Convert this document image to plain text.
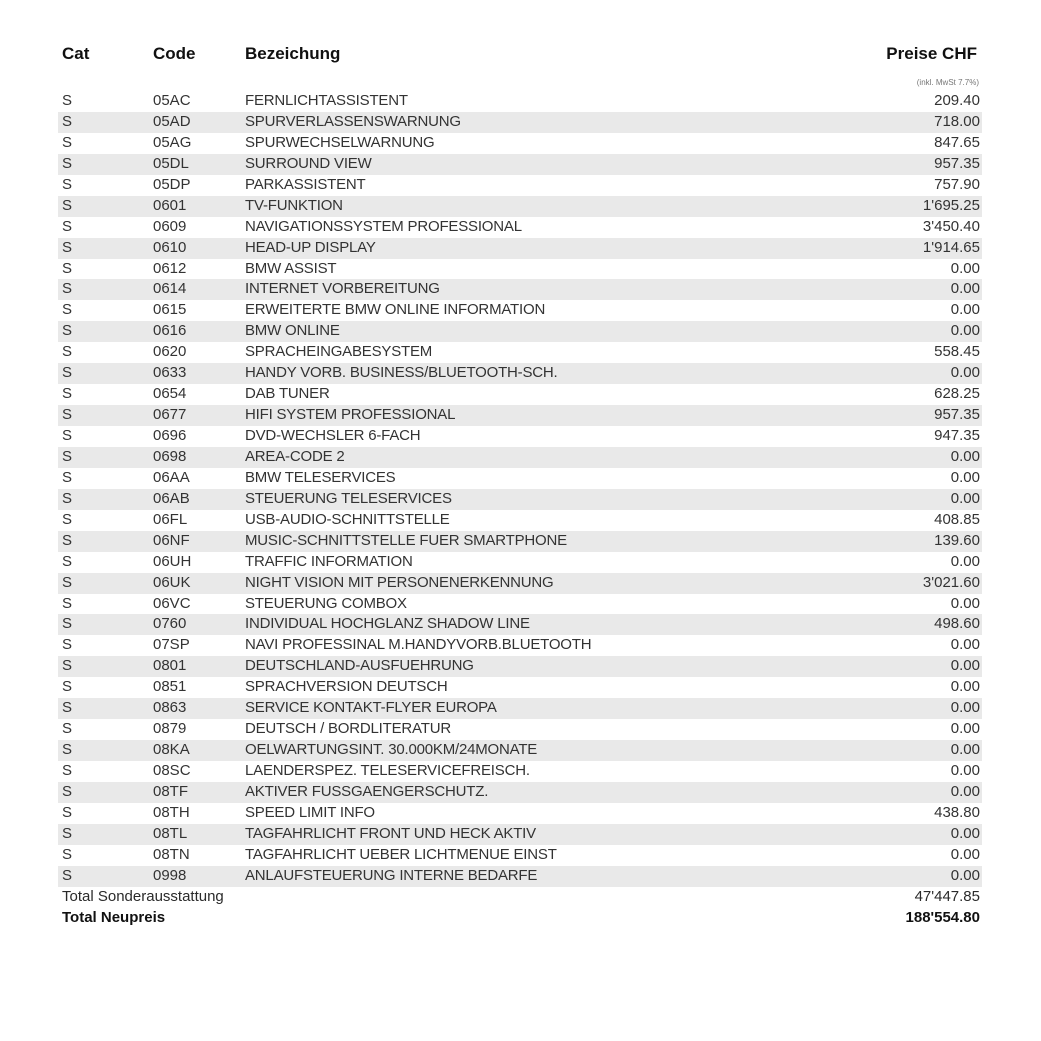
Cat	Code	Bezeichung	Preise CHF
(inkl. MwSt 7.7%)
S	05AC	FERNLICHTASSISTENT	209.40
S	05AD	SPURVERLASSENSWARNUNG	718.00
S	05AG	SPURWECHSELWARNUNG	847.65
S	05DL	SURROUND VIEW	957.35
S	05DP	PARKASSISTENT	757.90
S	0601	TV-FUNKTION	1'695.25
S	0609	NAVIGATIONSSYSTEM PROFESSIONAL	3'450.40
S	0610	HEAD-UP DISPLAY	1'914.65
S	0612	BMW ASSIST	0.00
S	0614	INTERNET VORBEREITUNG	0.00
S	0615	ERWEITERTE BMW ONLINE INFORMATION	0.00
S	0616	BMW ONLINE	0.00
S	0620	SPRACHEINGABESYSTEM	558.45
S	0633	HANDY VORB. BUSINESS/BLUETOOTH-SCH.	0.00
S	0654	DAB TUNER	628.25
S	0677	HIFI SYSTEM PROFESSIONAL	957.35
S	0696	DVD-WECHSLER 6-FACH	947.35
S	0698	AREA-CODE 2	0.00
S	06AA	BMW TELESERVICES	0.00
S	06AB	STEUERUNG TELESERVICES	0.00
S	06FL	USB-AUDIO-SCHNITTSTELLE	408.85
S	06NF	MUSIC-SCHNITTSTELLE FUER SMARTPHONE	139.60
S	06UH	TRAFFIC INFORMATION	0.00
S	06UK	NIGHT VISION MIT PERSONENERKENNUNG	3'021.60
S	06VC	STEUERUNG COMBOX	0.00
S	0760	INDIVIDUAL HOCHGLANZ SHADOW LINE	498.60
S	07SP	NAVI PROFESSINAL M.HANDYVORB.BLUETOOTH	0.00
S	0801	DEUTSCHLAND-AUSFUEHRUNG	0.00
S	0851	SPRACHVERSION DEUTSCH	0.00
S	0863	SERVICE KONTAKT-FLYER EUROPA	0.00
S	0879	DEUTSCH / BORDLITERATUR	0.00
S	08KA	OELWARTUNGSINT. 30.000KM/24MONATE	0.00
S	08SC	LAENDERSPEZ. TELESERVICEFREISCH.	0.00
S	08TF	AKTIVER FUSSGAENGERSCHUTZ.	0.00
S	08TH	SPEED LIMIT INFO	438.80
S	08TL	TAGFAHRLICHT FRONT UND HECK AKTIV	0.00
S	08TN	TAGFAHRLICHT UEBER LICHTMENUE EINST	0.00
S	0998	ANLAUFSTEUERUNG INTERNE BEDARFE	0.00
Total Sonderausstattung	47'447.85
Total Neupreis	188'554.80
